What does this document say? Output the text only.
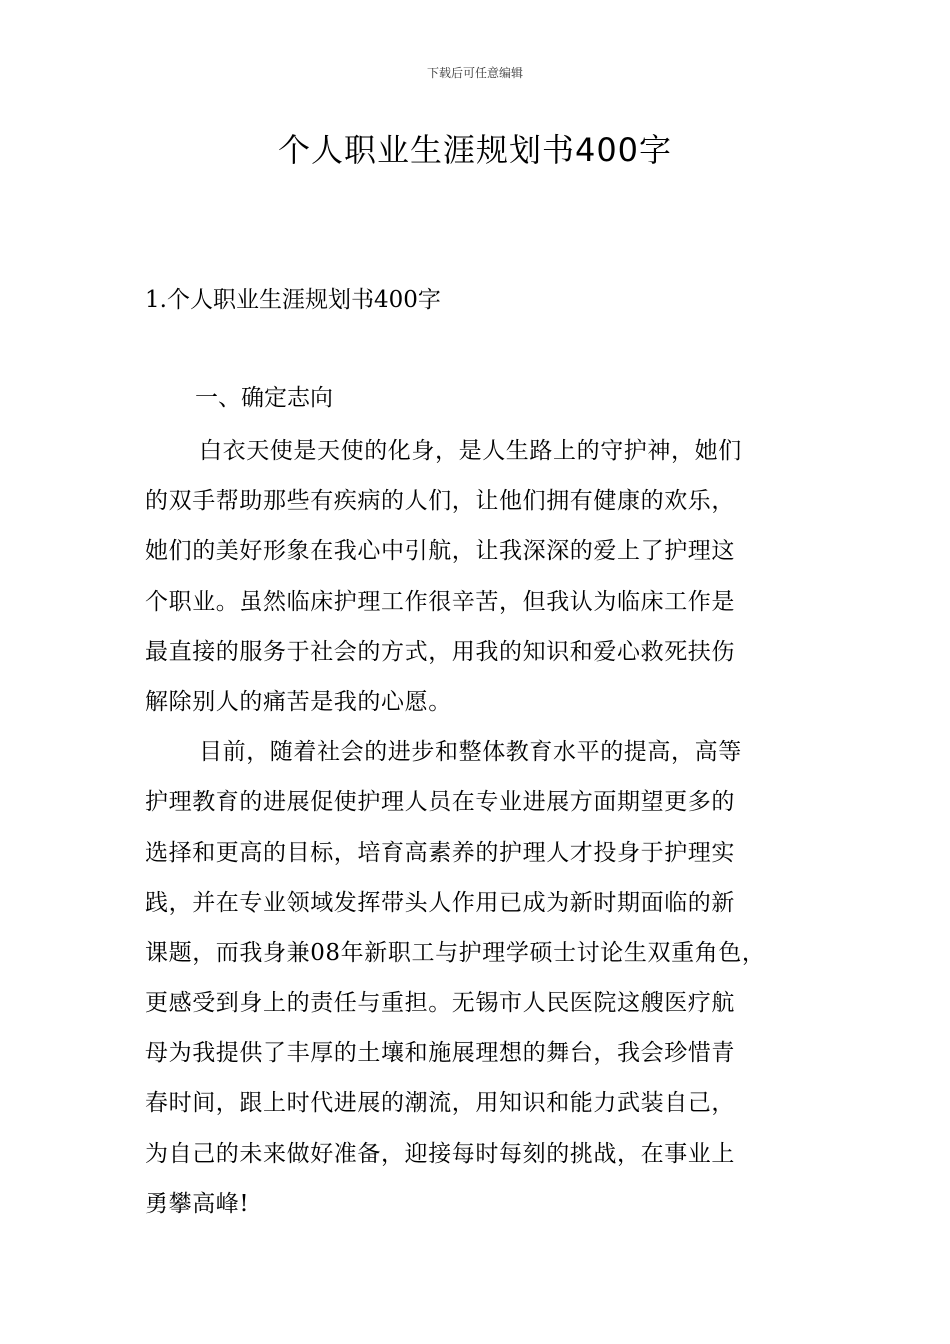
下载后可任意编辑
个人职业生涯规划书400字
1.个人职业生涯规划书400字
一、确定志向

白衣天使是天使的化身，是人生路上的守护神，她们
的双手帮助那些有疾病的人们，让他们拥有健康的欢乐，
她们的美好形象在我心中引航，让我深深的爱上了护理这
个职业。虽然临床护理工作很辛苦，但我认为临床工作是
最直接的服务于社会的方式，用我的知识和爱心救死扶伤
解除别人的痛苦是我的心愿。

目前，随着社会的进步和整体教育水平的提高，高等
护理教育的进展促使护理人员在专业进展方面期望更多的
选择和更高的目标，培育高素养的护理人才投身于护理实
践，并在专业领域发挥带头人作用已成为新时期面临的新
课题，而我身兼08年新职工与护理学硕士讨论生双重角色，
更感受到身上的责任与重担。无锡市人民医院这艘医疗航
母为我提供了丰厚的土壤和施展理想的舞台，我会珍惜青
春时间，跟上时代进展的潮流，用知识和能力武装自己，
为自己的未来做好准备，迎接每时每刻的挑战，在事业上
勇攀高峰!
